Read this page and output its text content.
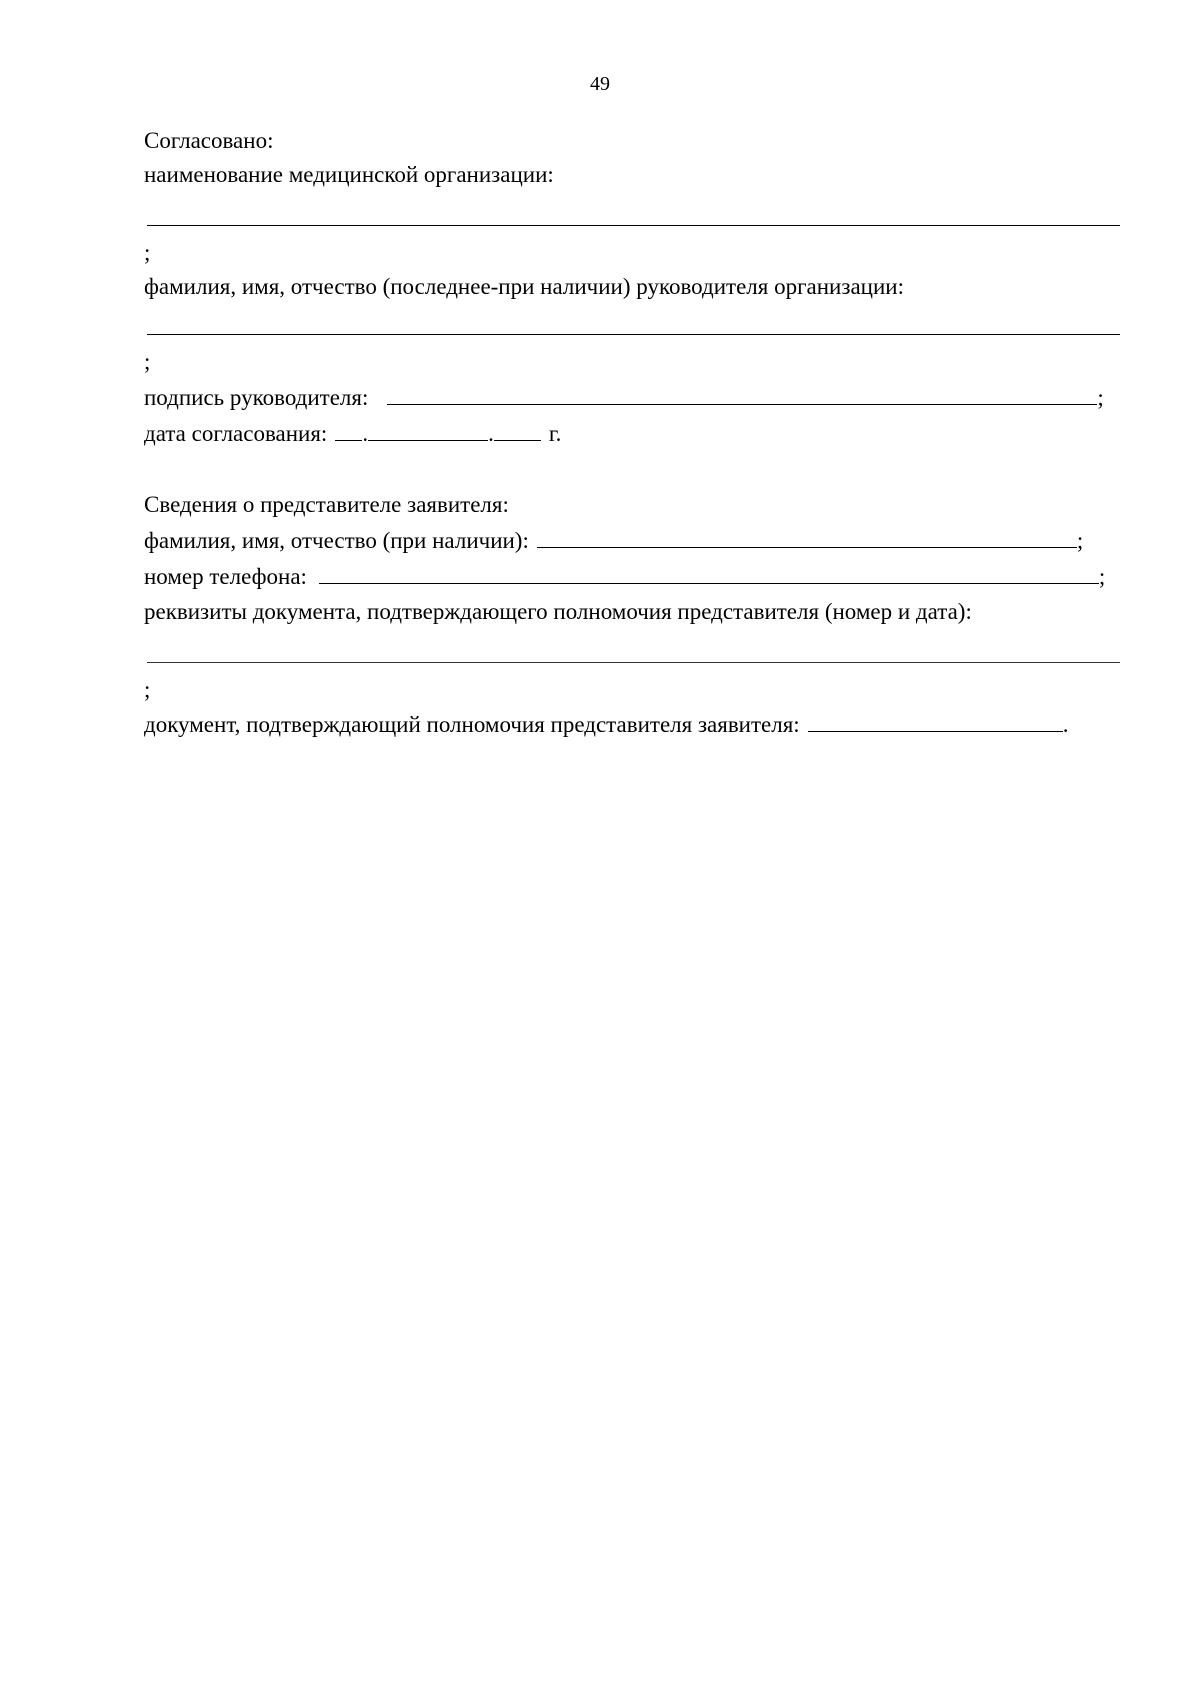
49
Согласовано:
наименование медицинской организации:
;
фамилия, имя, отчество (последнее-при наличии) руководителя организации:
;
подпись руководителя:	;
дата согласования: .	. г.
Сведения о представителе заявителя:
фамилия, имя, отчество (при наличии):	;
номер телефона:	;
реквизиты документа, подтверждающего полномочия представителя (номер и дата):
;
документ, подтверждающий полномочия представителя заявителя:	.
